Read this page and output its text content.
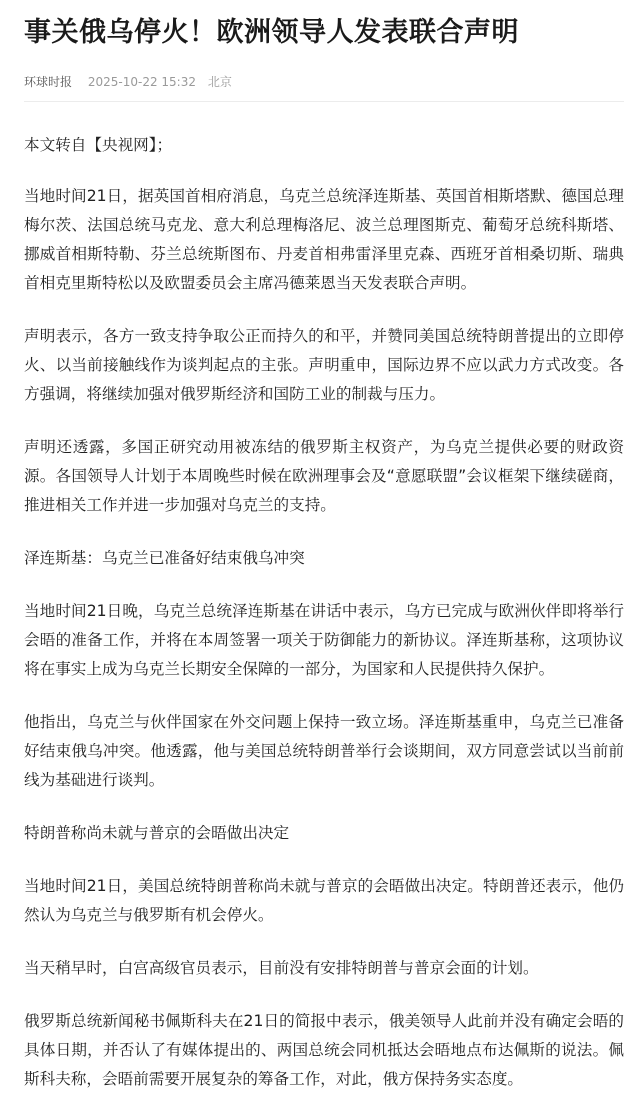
事关俄乌停火！欧洲领导人发表联合声明
环球时报 2025-10-22 15:32 北京

本文转自【央视网】；

当地时间21日，据英国首相府消息，乌克兰总统泽连斯基、英国首相斯塔默、德国总理梅尔茨、法国总统马克龙、意大利总理梅洛尼、波兰总理图斯克、葡萄牙总统科斯塔、挪威首相斯特勒、芬兰总统斯图布、丹麦首相弗雷泽里克森、西班牙首相桑切斯、瑞典首相克里斯特松以及欧盟委员会主席冯德莱恩当天发表联合声明。

声明表示，各方一致支持争取公正而持久的和平，并赞同美国总统特朗普提出的立即停火、以当前接触线作为谈判起点的主张。声明重申，国际边界不应以武力方式改变。各方强调，将继续加强对俄罗斯经济和国防工业的制裁与压力。

声明还透露，多国正研究动用被冻结的俄罗斯主权资产，为乌克兰提供必要的财政资源。各国领导人计划于本周晚些时候在欧洲理事会及“意愿联盟”会议框架下继续磋商，推进相关工作并进一步加强对乌克兰的支持。

泽连斯基：乌克兰已准备好结束俄乌冲突

当地时间21日晚，乌克兰总统泽连斯基在讲话中表示，乌方已完成与欧洲伙伴即将举行会晤的准备工作，并将在本周签署一项关于防御能力的新协议。泽连斯基称，这项协议将在事实上成为乌克兰长期安全保障的一部分，为国家和人民提供持久保护。

他指出，乌克兰与伙伴国家在外交问题上保持一致立场。泽连斯基重申，乌克兰已准备好结束俄乌冲突。他透露，他与美国总统特朗普举行会谈期间，双方同意尝试以当前前线为基础进行谈判。

特朗普称尚未就与普京的会晤做出决定

当地时间21日，美国总统特朗普称尚未就与普京的会晤做出决定。特朗普还表示，他仍然认为乌克兰与俄罗斯有机会停火。

当天稍早时，白宫高级官员表示，目前没有安排特朗普与普京会面的计划。

俄罗斯总统新闻秘书佩斯科夫在21日的简报中表示，俄美领导人此前并没有确定会晤的具体日期，并否认了有媒体提出的、两国总统会同机抵达会晤地点布达佩斯的说法。佩斯科夫称，会晤前需要开展复杂的筹备工作，对此，俄方保持务实态度。
